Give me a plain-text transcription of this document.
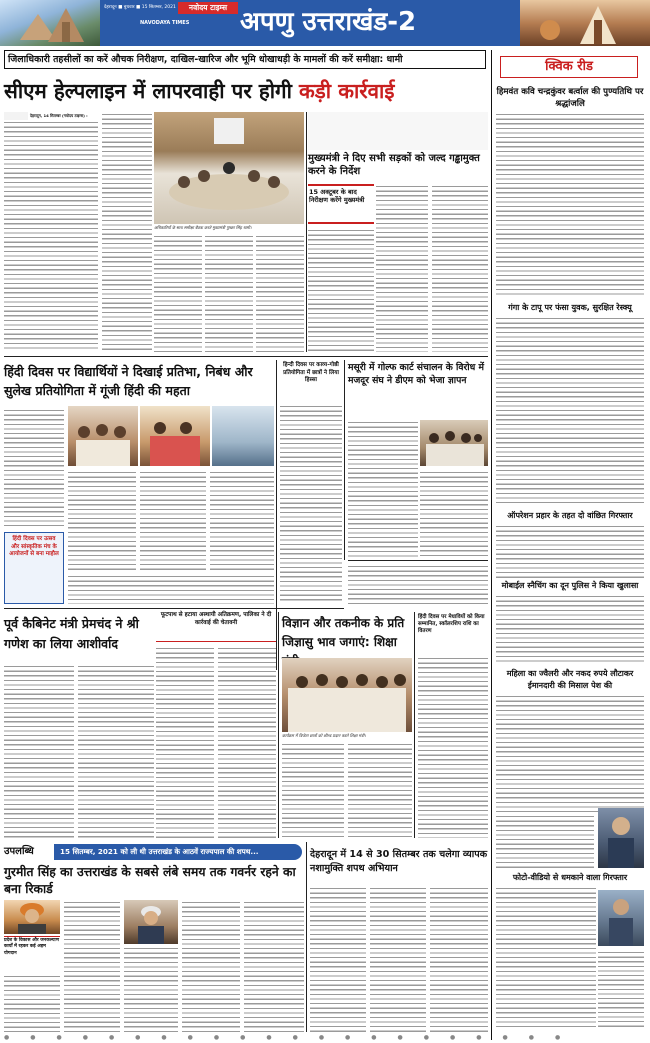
देहरादून ■ बुधवार ■ 15 सितम्बर, 2021	नवोदय टाइम्स
NAVODAYA TIMES अपणु उत्तराखंड-2
जिलाधिकारी तहसीलों का करें औचक निरीक्षण, दाखिल-खारिज और भूमि धोखाधड़ी के मामलों की करें समीक्षा: धामी
सीएम हेल्पलाइन में लापरवाही पर होगी कड़ी कार्रवाई
देहरादून, 14 सितम्बर (नवोदय टाइम्स) :
अधिकारियों के साथ समीक्षा बैठक करते मुख्यमंत्री पुष्कर सिंह धामी।
मुख्यमंत्री ने दिए सभी सड़कों को जल्द गड्ढामुक्त करने के निर्देश
15 अक्टूबर के बाद निरीक्षण करेंगे मुख्यमंत्री
क्विक रीड
हिमवंत कवि चन्द्रकुंवर बर्त्वाल की पुण्यतिथि पर श्रद्धांजलि
गंगा के टापू पर फंसा युवक, सुरक्षित रेस्क्यू
ऑपरेशन प्रहार के तहत दो वांछित गिरफ्तार
मोबाईल स्नैचिंग का दून पुलिस ने किया खुलासा
महिला का ज्वैलरी और नकद रुपये लौटाकर ईमानदारी की मिसाल पेश की
फोटो-वीडियो से धमकाने वाला गिरफ्तार
हिंदी दिवस पर विद्यार्थियों ने दिखाई प्रतिभा, निबंध और सुलेख प्रतियोगिता में गूंजी हिंदी की महता
हिंदी दिवस पर उत्सव और सांस्कृतिक मंच के आयोजनों से बना माहौल
हिन्दी दिवस पर काव्य-गोष्ठी प्रतियोगिता में छात्रों ने लिया हिस्सा
मसूरी में गोल्फ कार्ट संचालन के विरोध में मजदूर संघ ने डीएम को भेजा ज्ञापन
पूर्व कैबिनेट मंत्री प्रेमचंद ने श्री गणेश का लिया आशीर्वाद
फूटपाथ से हटाया अस्थायी अतिक्रमण, पालिका ने दी कार्रवाई की चेतावनी	विज्ञान और तकनीक के प्रति जिज्ञासु भाव जगाएं: शिक्षा
कार्यक्रम में विजेता छात्रों को शील्ड प्रदान करते शिक्षा मंत्री।
हिंदी दिवस पर मेधावियों को किया सम्मानित, स्कॉलरशिप राशि का वितरण
उपलब्धि	15 सितम्बर, 2021 को ली थी उत्तराखंड के आठवें राज्यपाल की शपथ...
गुरमीत सिंह का उत्तराखंड के सबसे लंबे समय तक गवर्नर रहने का बना रिकार्ड
प्रदेश के विकास और जनकल्याण कार्यों में रहकर कई अहम योगदान
देहरादून में 14 से 30 सितम्बर तक चलेगा व्यापक नशामुक्ति शपथ अभियान
●●●●●●●●●●●●●●●●●●●●●●
